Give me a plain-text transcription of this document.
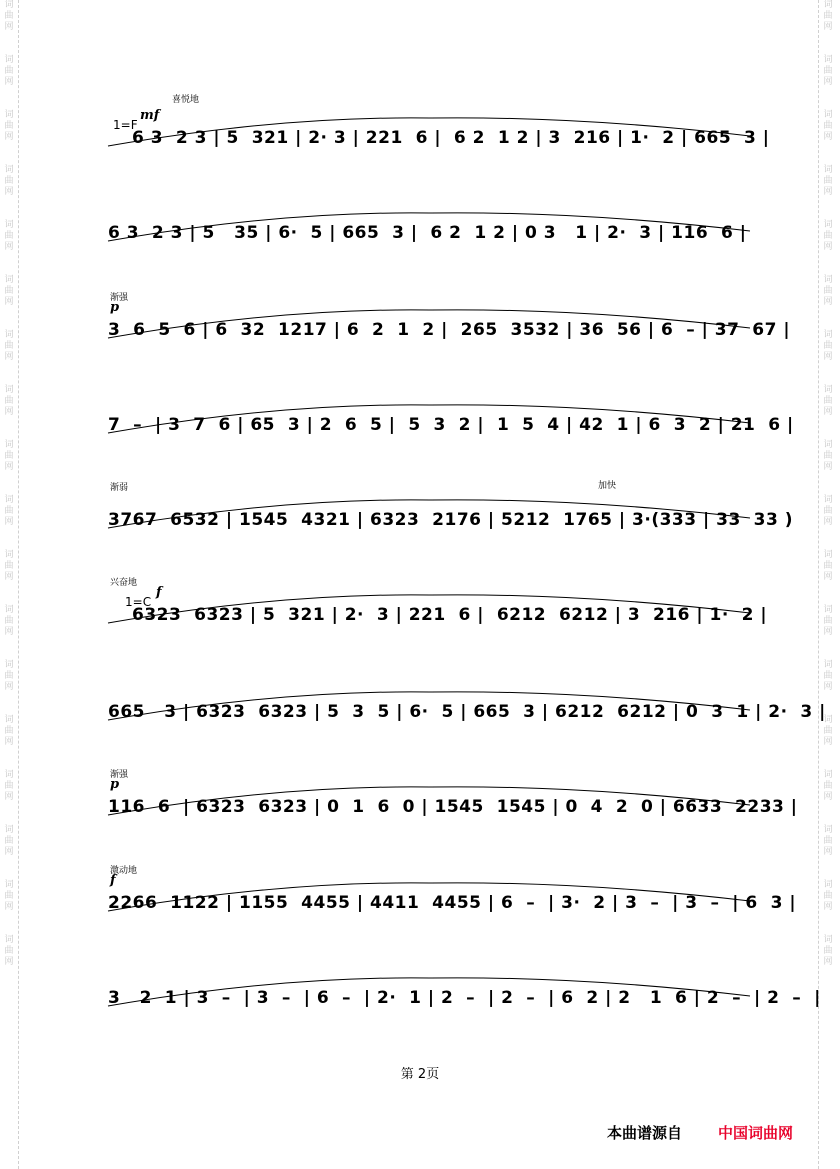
词曲网
词曲网
词曲网
词曲网
词曲网
词曲网
词曲网
词曲网
词曲网
词曲网
词曲网
词曲网
词曲网
词曲网
词曲网
词曲网
词曲网
词曲网
词曲网
词曲网
词曲网
词曲网
词曲网
词曲网
词曲网
词曲网
词曲网
词曲网
词曲网
词曲网
词曲网
词曲网
词曲网
词曲网
词曲网
词曲网
喜悦地
mf
1=F
6 3  2 3 | 5  321 | 2· 3 | 221  6 |  6 2  1 2 | 3  216 | 1·  2 | 665  3 |
6 3  2 3 | 5   35 | 6·  5 | 665  3 |  6 2  1 2 | 0 3   1 | 2·  3 | 116  6 |
渐强
p
3  6  5  6 | 6  32  1217 | 6  2  1  2 |  265  3532 | 36  56 | 6  – | 37  67 |
7  –  | 3  7  6 | 65  3 | 2  6  5 |  5  3  2 |  1  5  4 | 42  1 | 6  3  2 | 21  6 |
渐弱	加快
3767  6532 | 1545  4321 | 6323  2176 | 5212  1765 | 3·(333 | 33  33 )
兴奋地
f
1=C
6323  6323 | 5  321 | 2·  3 | 221  6 |  6212  6212 | 3  216 | 1·  2 |
665   3 | 6323  6323 | 5  3  5 | 6·  5 | 665  3 | 6212  6212 | 0  3  1 | 2·  3 |
渐强
p
116  6  | 6323  6323 | 0  1  6  0 | 1545  1545 | 0  4  2  0 | 6633  2233 |
激动地
f
2266  1122 | 1155  4455 | 4411  4455 | 6  –  | 3·  2 | 3  –  | 3  –  | 6  3 |
3   2  1 | 3  –  | 3  –  | 6  –  | 2·  1 | 2  –  | 2  –  | 6  2 | 2   1  6 | 2  –  | 2  –  |
第 2页
本曲谱源自 中国词曲网
